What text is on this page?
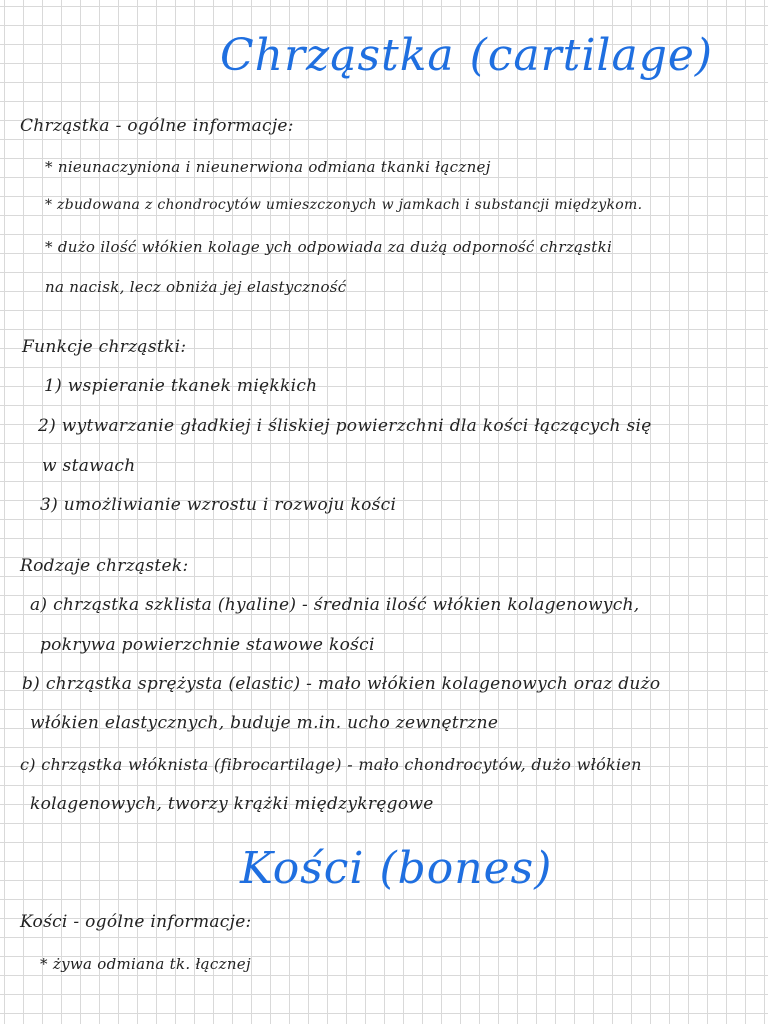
Chrząstka (cartilage)
Chrząstka - ogólne informacje:
* nieunaczyniona i nieunerwiona odmiana tkanki łącznej
* zbudowana z chondrocytów umieszczonych w jamkach i substancji międzykom.
* dużo ilość włókien kolage ych odpowiada za dużą odporność chrząstki
na nacisk, lecz obniża jej elastyczność
Funkcje chrząstki:
1) wspieranie tkanek miękkich
2) wytwarzanie gładkiej i śliskiej powierzchni dla kości łączących się
w stawach
3) umożliwianie wzrostu i rozwoju kości
Rodzaje chrząstek:
a) chrząstka szklista (hyaline) - średnia ilość włókien kolagenowych,
pokrywa powierzchnie stawowe kości
b) chrząstka sprężysta (elastic) - mało włókien kolagenowych oraz dużo
włókien elastycznych, buduje m.in. ucho zewnętrzne
c) chrząstka włóknista (fibrocartilage) - mało chondrocytów, dużo włókien
kolagenowych, tworzy krążki międzykręgowe
Kości (bones)
Kości - ogólne informacje:
* żywa odmiana tk. łącznej
